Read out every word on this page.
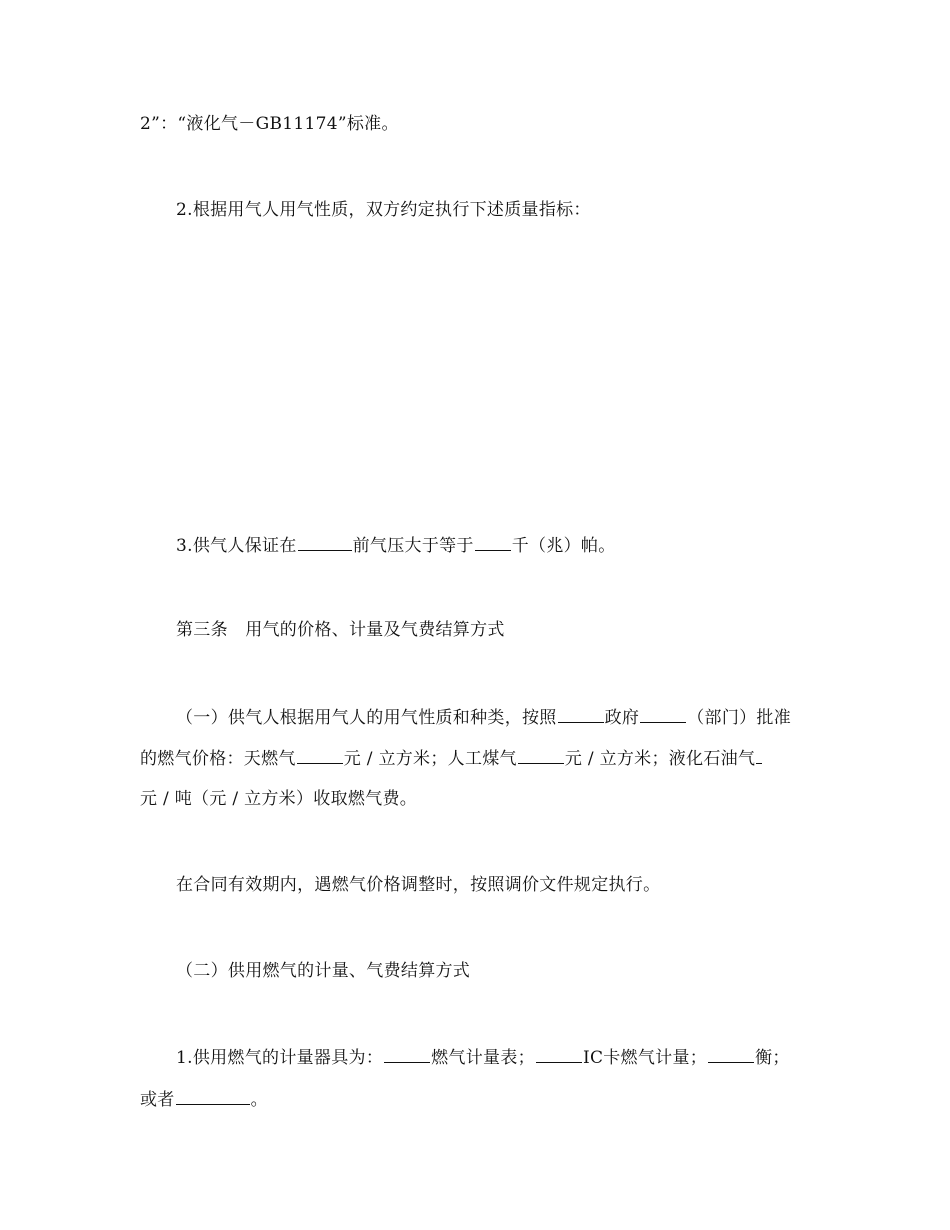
2”：“液化气－GB11174”标准。
2.根据用气人用气性质，双方约定执行下述质量指标：
3.供气人保证在	前气压大于等于 千（兆）帕。
第三条　用气的价格、计量及气费结算方式
（一）供气人根据用气人的用气性质和种类，按照	政府	（部门）批准
的燃气价格：天燃气	元 / 立方米；人工煤气	元 / 立方米；液化石油气
元 / 吨（元 / 立方米）收取燃气费。
在合同有效期内，遇燃气价格调整时，按照调价文件规定执行。
（二）供用燃气的计量、气费结算方式
1.供用燃气的计量器具为：	燃气计量表；	IC卡燃气计量；	衡；
或者	。
